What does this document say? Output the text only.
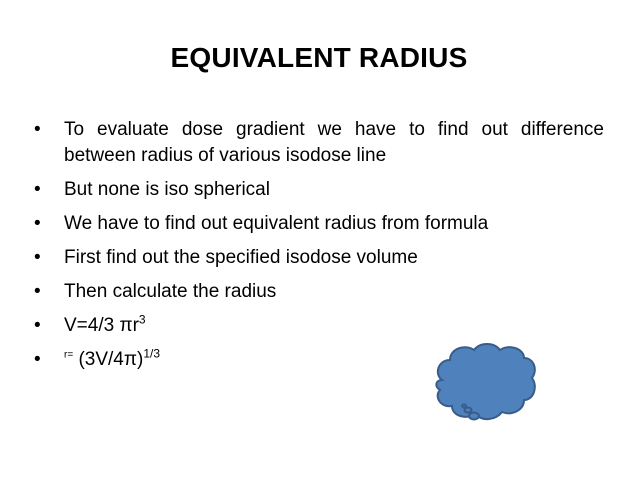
EQUIVALENT RADIUS
• To evaluate dose gradient we have to find out difference between radius of various isodose line
• But none is iso spherical
• We have to find out equivalent radius from formula
• First find out the specified isodose volume
• Then calculate the radius
• V=4/3 $\pi r^3$
• $^{r=}$ $(3V/4\pi)^{1/3}$
